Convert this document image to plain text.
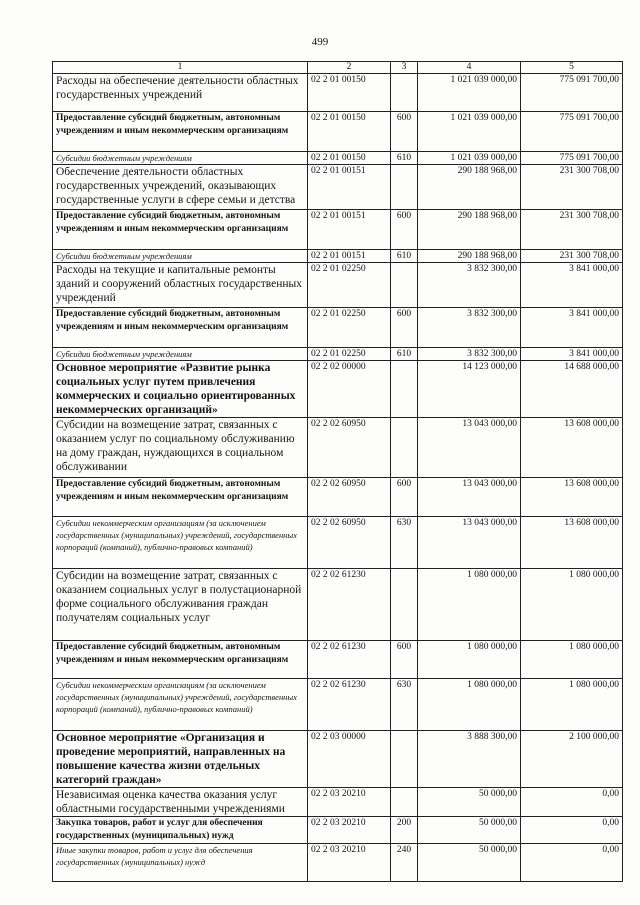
499
1	2	3	4	5
Расходы на обеспечение деятельности областных государственных учреждений	02 2 01 00150		1 021 039 000,00	775 091 700,00
Предоставление субсидий бюджетным, автономным учреждениям и иным некоммерческим организациям	02 2 01 00150	600	1 021 039 000,00	775 091 700,00
Субсидии бюджетным учреждениям	02 2 01 00150	610	1 021 039 000,00	775 091 700,00
Обеспечение деятельности областных государственных учреждений, оказывающих государственные услуги в сфере семьи и детства	02 2 01 00151		290 188 968,00	231 300 708,00
Предоставление субсидий бюджетным, автономным учреждениям и иным некоммерческим организациям	02 2 01 00151	600	290 188 968,00	231 300 708,00
Субсидии бюджетным учреждениям	02 2 01 00151	610	290 188 968,00	231 300 708,00
Расходы на текущие и капитальные ремонты зданий и сооружений областных государственных учреждений	02 2 01 02250		3 832 300,00	3 841 000,00
Предоставление субсидий бюджетным, автономным учреждениям и иным некоммерческим организациям	02 2 01 02250	600	3 832 300,00	3 841 000,00
Субсидии бюджетным учреждениям	02 2 01 02250	610	3 832 300,00	3 841 000,00
Основное мероприятие «Развитие рынка социальных услуг путем привлечения коммерческих и социально ориентированных некоммерческих организаций»	02 2 02 00000		14 123 000,00	14 688 000,00
Субсидии на возмещение затрат, связанных с оказанием услуг по социальному обслуживанию на дому граждан, нуждающихся в социальном обслуживании	02 2 02 60950		13 043 000,00	13 608 000,00
Предоставление субсидий бюджетным, автономным учреждениям и иным некоммерческим организациям	02 2 02 60950	600	13 043 000,00	13 608 000,00
Субсидии некоммерческим организациям (за исключением государственных (муниципальных) учреждений, государственных корпораций (компаний), публично-правовых компаний)	02 2 02 60950	630	13 043 000,00	13 608 000,00
Субсидии на возмещение затрат, связанных с оказанием социальных услуг в полустационарной форме социального обслуживания граждан получателям социальных услуг	02 2 02 61230		1 080 000,00	1 080 000,00
Предоставление субсидий бюджетным, автономным учреждениям и иным некоммерческим организациям	02 2 02 61230	600	1 080 000,00	1 080 000,00
Субсидии некоммерческим организациям (за исключением государственных (муниципальных) учреждений, государственных корпораций (компаний), публично-правовых компаний)	02 2 02 61230	630	1 080 000,00	1 080 000,00
Основное мероприятие «Организация и проведение мероприятий, направленных на повышение качества жизни отдельных категорий граждан»	02 2 03 00000		3 888 300,00	2 100 000,00
Независимая оценка качества оказания услуг областными государственными учреждениями	02 2 03 20210		50 000,00	0,00
Закупка товаров, работ и услуг для обеспечения государственных (муниципальных) нужд	02 2 03 20210	200	50 000,00	0,00
Иные закупки товаров, работ и услуг для обеспечения государственных (муниципальных) нужд	02 2 03 20210	240	50 000,00	0,00
